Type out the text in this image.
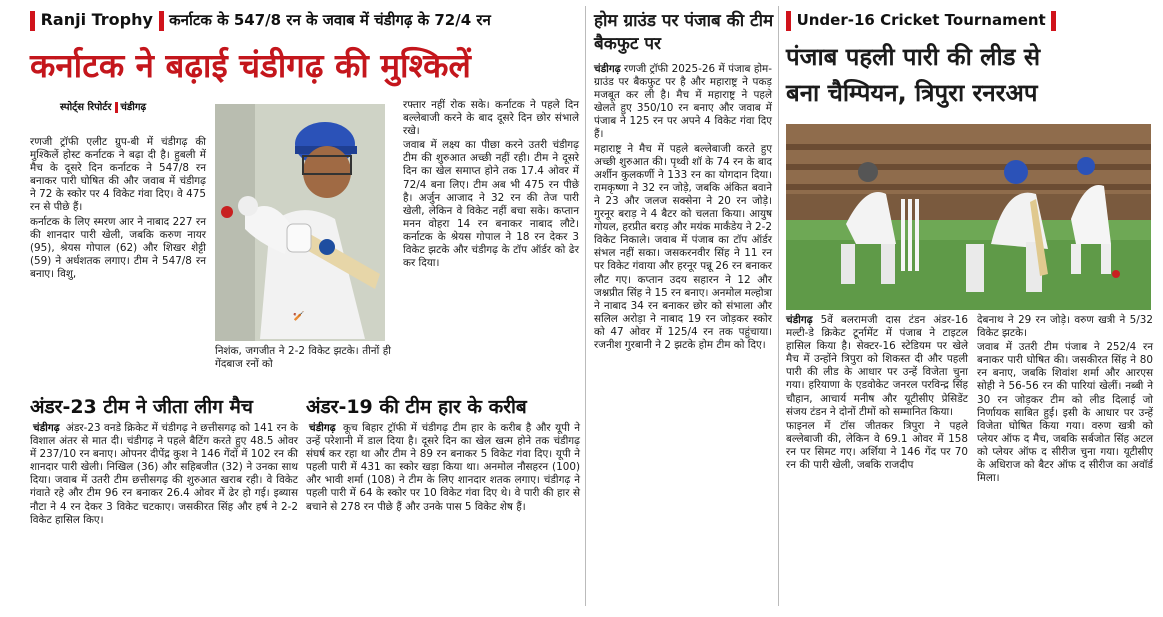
Ranji Trophy कर्नाटक के 547/8 रन के जवाब में चंडीगढ़ के 72/4 रन
कर्नाटक ने बढ़ाई चंडीगढ़ की मुश्किलें
स्पोर्ट्स रिपोर्टर चंडीगढ़

रणजी ट्रॉफी एलीट ग्रुप-बी में चंडीगढ़ की मुश्किलें होस्ट कर्नाटक ने बढ़ा दी है। हुबली में मैच के दूसरे दिन कर्नाटक ने 547/8 रन बनाकर पारी घोषित की और जवाब में चंडीगढ़ ने 72 के स्कोर पर 4 विकेट गंवा दिए। वे 475 रन से पीछे हैं।

कर्नाटक के लिए स्मरण आर ने नाबाद 227 रन की शानदार पारी खेली, जबकि करुण नायर (95), श्रेयस गोपाल (62) और शिखर शेट्टी (59) ने अर्धशतक लगाए। टीम ने 547/8 रन बनाए। विशु,

🏏

निशंक, जगजीत ने 2-2 विकेट झटके। तीनों ही गेंदबाज रनों को

रफ्तार नहीं रोक सके। कर्नाटक ने पहले दिन बल्लेबाजी करने के बाद दूसरे दिन छोर संभाले रखे।

जवाब में लक्ष्य का पीछा करने उतरी चंडीगढ़ टीम की शुरुआत अच्छी नहीं रही। टीम ने दूसरे दिन का खेल समाप्त होने तक 17.4 ओवर में 72/4 बना लिए। टीम अब भी 475 रन पीछे है। अर्जुन आजाद ने 32 रन की तेज पारी खेली, लेकिन वे विकेट नहीं बचा सके। कप्तान मनन वोहरा 14 रन बनाकर नाबाद लौटे। कर्नाटक के श्रेयस गोपाल ने 18 रन देकर 3 विकेट झटके और चंडीगढ़ के टॉप ऑर्डर को ढेर कर दिया।

अंडर-23 टीम ने जीता लीग मैच

चंडीगढ़ अंडर-23 वनडे क्रिकेट में चंडीगढ़ ने छत्तीसगढ़ को 141 रन के विशाल अंतर से मात दी। चंडीगढ़ ने पहले बैटिंग करते हुए 48.5 ओवर में 237/10 रन बनाए। ओपनर दीपेंद्र कुश ने 146 गेंदों में 102 रन की शानदार पारी खेली। निखिल (36) और सहिबजीत (32) ने उनका साथ दिया। जवाब में उतरी टीम छत्तीसगढ़ की शुरुआत खराब रही। वे विकेट गंवाते रहे और टीम 96 रन बनाकर 26.4 ओवर में ढेर हो गई। इब्यास नौटा ने 4 रन देकर 3 विकेट चटकाए। जसकीरत सिंह और हर्ष ने 2-2 विकेट हासिल किए।

अंडर-19 की टीम हार के करीब

चंडीगढ़ कूच बिहार ट्रॉफी में चंडीगढ़ टीम हार के करीब है और यूपी ने उन्हें परेशानी में डाल दिया है। दूसरे दिन का खेल खत्म होने तक चंडीगढ़ संघर्ष कर रहा था और टीम ने 89 रन बनाकर 5 विकेट गंवा दिए। यूपी ने पहली पारी में 431 का स्कोर खड़ा किया था। अनमोल नौसहरन (100) और भावी शर्मा (108) ने टीम के लिए शानदार शतक लगाए। चंडीगढ़ ने पहली पारी में 64 के स्कोर पर 10 विकेट गंवा दिए थे। वे पारी की हार से बचाने से 278 रन पीछे हैं और उनके पास 5 विकेट शेष हैं।

होम ग्राउंड पर पंजाब की टीम बैकफुट पर

चंडीगढ़ रणजी ट्रॉफी 2025-26 में पंजाब होम-ग्राउंड पर बैकफुट पर है और महाराष्ट्र ने पकड़ मजबूत कर ली है। मैच में महाराष्ट्र ने पहले खेलते हुए 350/10 रन बनाए और जवाब में पंजाब ने 125 रन पर अपने 4 विकेट गंवा दिए हैं।

महाराष्ट्र ने मैच में पहले बल्लेबाजी करते हुए अच्छी शुरुआत की। पृथ्वी शॉ के 74 रन के बाद अर्शीन कुलकर्णी ने 133 रन का योगदान दिया। रामकृष्णा ने 32 रन जोड़े, जबकि अंकित बवाने ने 23 और जलज सक्सेना ने 20 रन जोड़े। गुरनूर बराड़ ने 4 बैटर को चलता किया। आयुष गोयल, हरप्रीत बराड़ और मयंक मार्कंडेय ने 2-2 विकेट निकाले। जवाब में पंजाब का टॉप ऑर्डर संभल नहीं सका। जसकरनवीर सिंह ने 11 रन पर विकेट गंवाया और हरनूर पन्नू 26 रन बनाकर लौट गए। कप्तान उदय सहारन ने 12 और जश्नप्रीत सिंह ने 15 रन बनाए। अनमोल मल्होत्रा ने नाबाद 34 रन बनाकर छोर को संभाला और सलिल अरोड़ा ने नाबाद 19 रन जोड़कर स्कोर को 47 ओवर में 125/4 रन तक पहुंचाया। रजनीश गुरबानी ने 2 झटके होम टीम को दिए।

Under-16 Cricket Tournament
पंजाब पहली पारी की लीड से
बना चैम्पियन, त्रिपुरा रनरअप

चंडीगढ़ 5वें बलरामजी दास टंडन अंडर-16 मल्टी-डे क्रिकेट टूर्नामेंट में पंजाब ने टाइटल हासिल किया है। सेक्टर-16 स्टेडियम पर खेले मैच में उन्होंने त्रिपुरा को शिकस्त दी और पहली पारी की लीड के आधार पर उन्हें विजेता चुना गया। हरियाणा के एडवोकेट जनरल परविन्द्र सिंह चौहान, आचार्य मनीष और यूटीसीए प्रेसिडेंट संजय टंडन ने दोनों टीमों को सम्मानित किया।

फाइनल में टॉस जीतकर त्रिपुरा ने पहले बल्लेबाजी की, लेकिन वे 69.1 ओवर में 158 रन पर सिमट गए। अर्शिया ने 146 गेंद पर 70 रन की पारी खेली, जबकि राजदीप

देबनाथ ने 29 रन जोड़े। वरुण खत्री ने 5/32 विकेट झटके।

जवाब में उतरी टीम पंजाब ने 252/4 रन बनाकर पारी घोषित की। जसकीरत सिंह ने 80 रन बनाए, जबकि शिवांश शर्मा और आरएस सोही ने 56-56 रन की पारियां खेलीं। नब्बी ने 30 रन जोड़कर टीम को लीड दिलाई जो निर्णायक साबित हुई। इसी के आधार पर उन्हें विजेता घोषित किया गया। वरुण खत्री को प्लेयर ऑफ द मैच, जबकि सर्बजोत सिंह अटल को प्लेयर ऑफ द सीरीज चुना गया। यूटीसीए के अधिराज को बैटर ऑफ द सीरीज का अवॉर्ड मिला।
